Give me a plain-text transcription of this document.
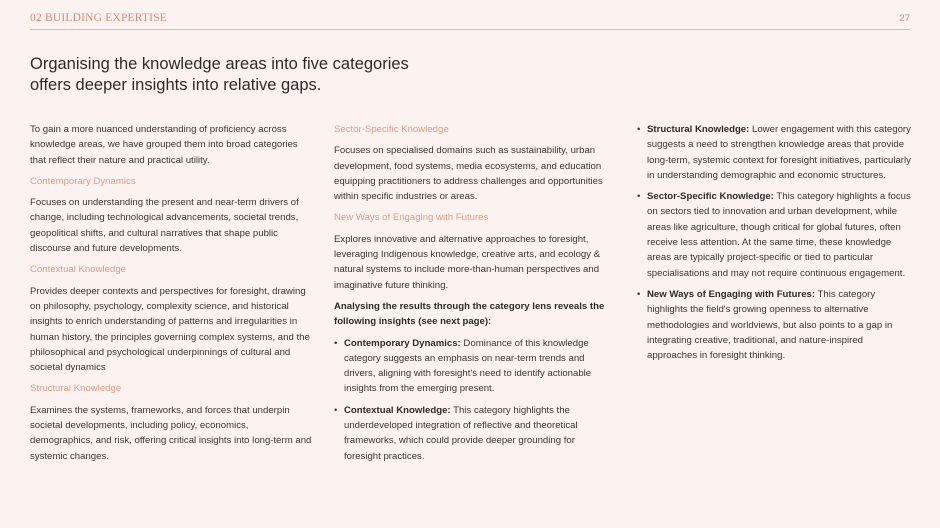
02 BUILDING EXPERTISE	27
Organising the knowledge areas into five categories
offers deeper insights into relative gaps.

To gain a more nuanced understanding of proficiency across knowledge areas, we have grouped them into broad categories that reflect their nature and practical utility.

Contemporary Dynamics

Focuses on understanding the present and near-term drivers of change, including technological advancements, societal trends, geopolitical shifts, and cultural narratives that shape public discourse and future developments.

Contextual Knowledge

Provides deeper contexts and perspectives for foresight, drawing on philosophy, psychology, complexity science, and historical insights to enrich understanding of patterns and irregularities in human history, the principles governing complex systems, and the philosophical and psychological underpinnings of cultural and societal dynamics

Structural Knowledge

Examines the systems, frameworks, and forces that underpin societal developments, including policy, economics, demographics, and risk, offering critical insights into long-term and systemic changes.

Sector-Specific Knowledge

Focuses on specialised domains such as sustainability, urban development, food systems, media ecosystems, and education equipping practitioners to address challenges and opportunities within specific industries or areas.

New Ways of Engaging with Futures

Explores innovative and alternative approaches to foresight, leveraging Indigenous knowledge, creative arts, and ecology & natural systems to include more-than-human perspectives and imaginative future thinking.

Analysing the results through the category lens reveals the following insights (see next page):

• Contemporary Dynamics: Dominance of this knowledge category suggests an emphasis on near-term trends and drivers, aligning with foresight's need to identify actionable insights from the emerging present.
• Contextual Knowledge: This category highlights the underdeveloped integration of reflective and theoretical frameworks, which could provide deeper grounding for foresight practices.
• Structural Knowledge: Lower engagement with this category suggests a need to strengthen knowledge areas that provide long-term, systemic context for foresight initiatives, particularly in understanding demographic and economic structures.
• Sector-Specific Knowledge: This category highlights a focus on sectors tied to innovation and urban development, while areas like agriculture, though critical for global futures, often receive less attention. At the same time, these knowledge areas are typically project-specific or tied to particular specialisations and may not require continuous engagement.
• New Ways of Engaging with Futures: This category highlights the field's growing openness to alternative methodologies and worldviews, but also points to a gap in integrating creative, traditional, and nature-inspired approaches in foresight thinking.
